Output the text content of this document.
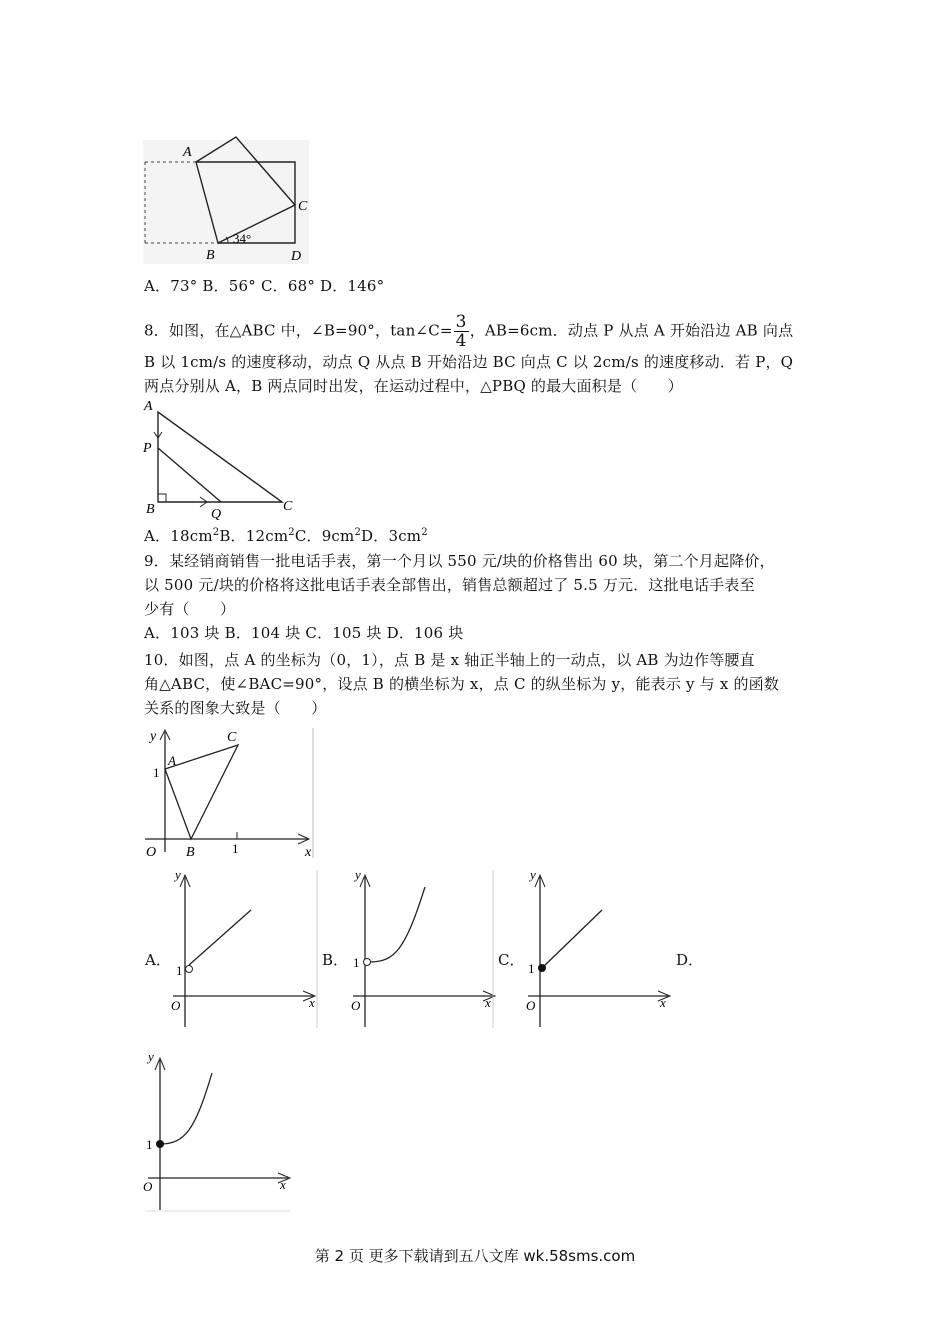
A
C
B	D
34°
A．73° B．56° C．68° D．146°
8．如图，在△ABC 中，∠B=90°，tan∠C= $\frac{3}{4}$ ，AB=6cm．动点 P 从点 A 开始沿边 AB 向点
B 以 1cm/s 的速度移动，动点 Q 从点 B 开始沿边 BC 向点 C 以 2cm/s 的速度移动．若 P，Q
两点分别从 A，B 两点同时出发，在运动过程中，△PBQ 的最大面积是（　　）
A
P
B	Q
C
A．$18cm^2B$．$12cm^2C$．$9cm^2D$．$3cm^2$
9．某经销商销售一批电话手表，第一个月以 550 元/块的价格售出 60 块，第二个月起降价，
以 500 元/块的价格将这批电话手表全部售出，销售总额超过了 5.5 万元．这批电话手表至
少有（　　）
A．103 块 B．104 块 C．105 块 D．106 块
10．如图，点 A 的坐标为（0，1），点 B 是 x 轴正半轴上的一动点，以 AB 为边作等腰直
角△ABC，使∠BAC=90°，设点 B 的横坐标为 x，点 C 的纵坐标为 y，能表示 y 与 x 的函数
关系的图象大致是（　　）
y	C
A
1
O B	1	x
A．	B．	C．	D．
y
1
O	x
y
1
O	x
y
1
O	x
y
1
O	x
第 2 页 更多下载请到五八文库 wk.58sms.com
